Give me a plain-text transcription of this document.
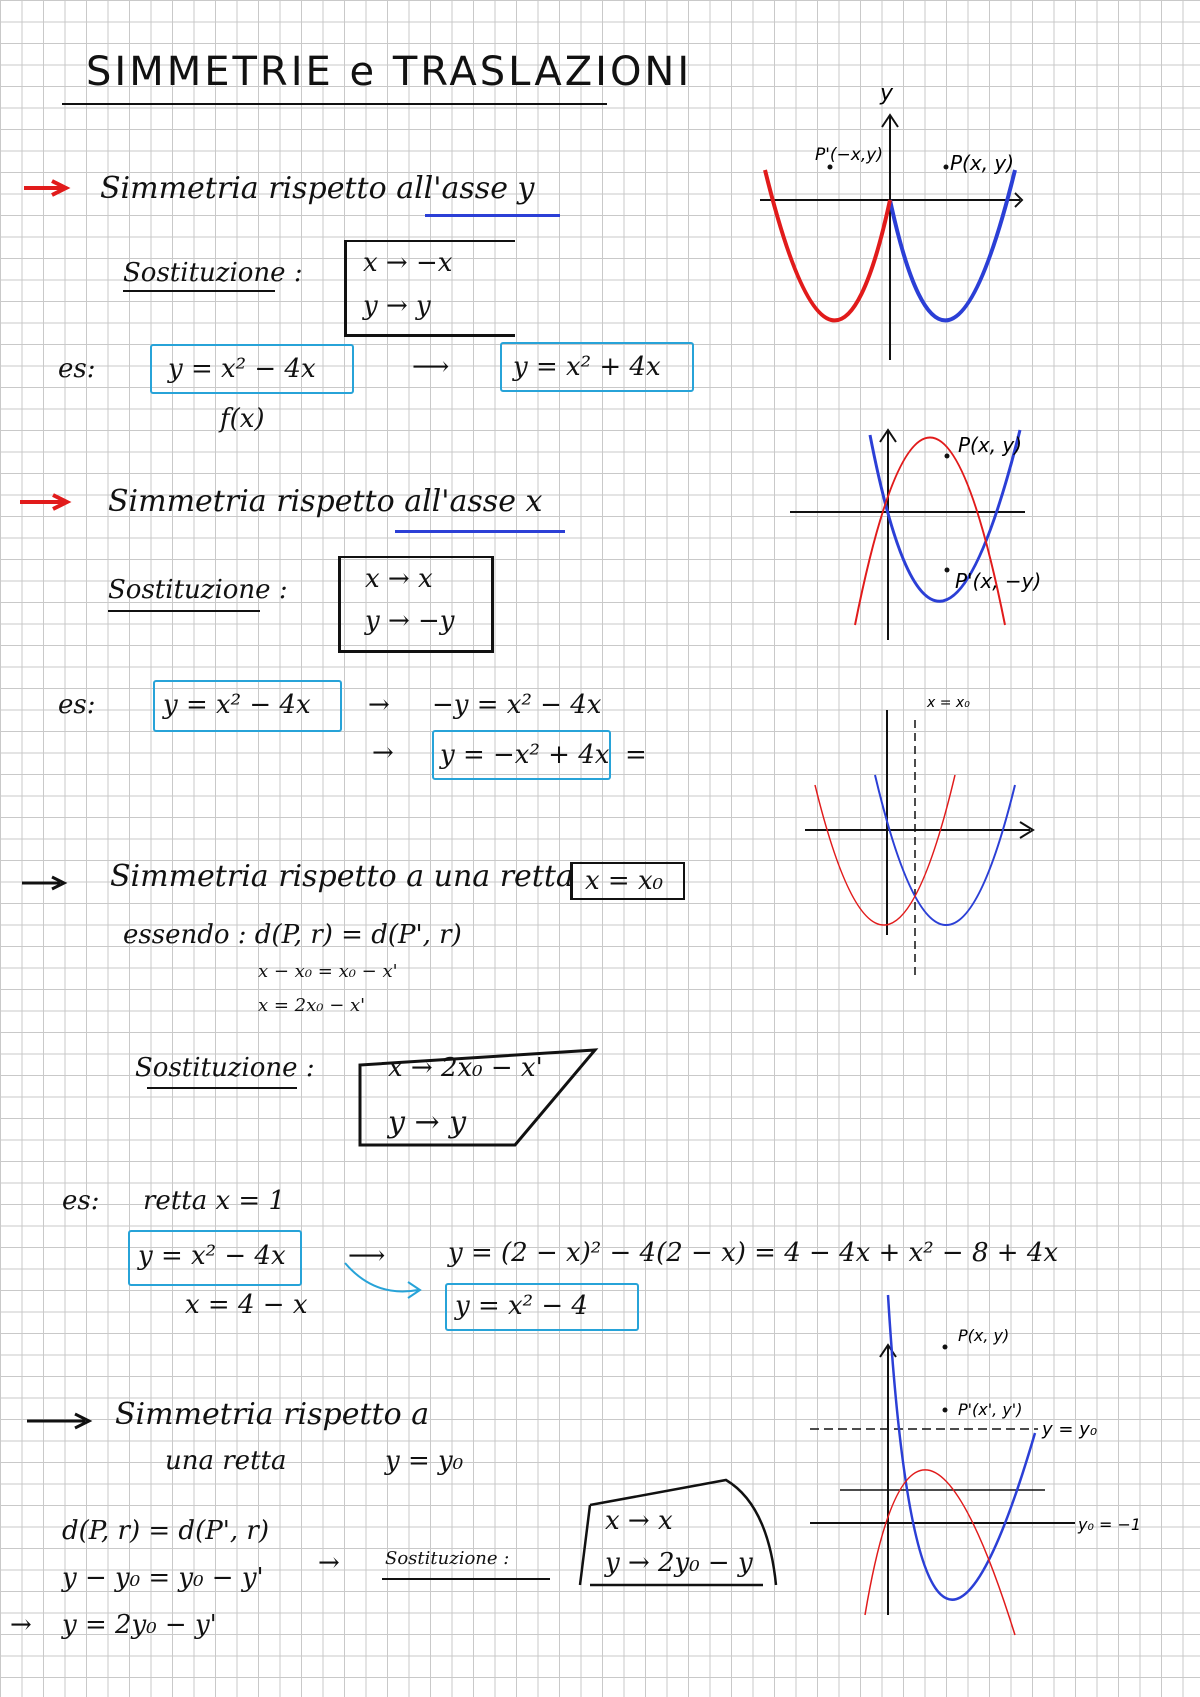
SIMMETRIE e TRASLAZIONI
Simmetria rispetto all'asse y
Sostituzione : x → −x
y → y
es:	y = x² − 4x	⟶ y = x² + 4x
f(x)
y
P(x, y)
P'(−x,y)
Simmetria rispetto all'asse x
Sostituzione :	x → x
y → −y
es:	y = x² − 4x → −y = x² − 4x
→ y = −x² + 4x =
P(x, y)
P'(x, −y)
Simmetria rispetto a una retta x = x₀
essendo : d(P, r) = d(P', r)
x − x₀ = x₀ − x'
x = 2x₀ − x'
Sostituzione :	x → 2x₀ − x'
y → y
es: retta x = 1
y = x² − 4x
x = 4 − x
⟶ y = (2 − x)² − 4(2 − x) = 4 − 4x + x² − 8 + 4x
y = x² − 4
x = x₀
Simmetria rispetto a
una retta	y = y₀
d(P, r) = d(P', r)
y − y₀ = y₀ − y'
→ y = 2y₀ − y'
→	Sostituzione :
x → x
y → 2y₀ − y
P(x, y)
P'(x', y')
y = y₀
y₀ = −1
